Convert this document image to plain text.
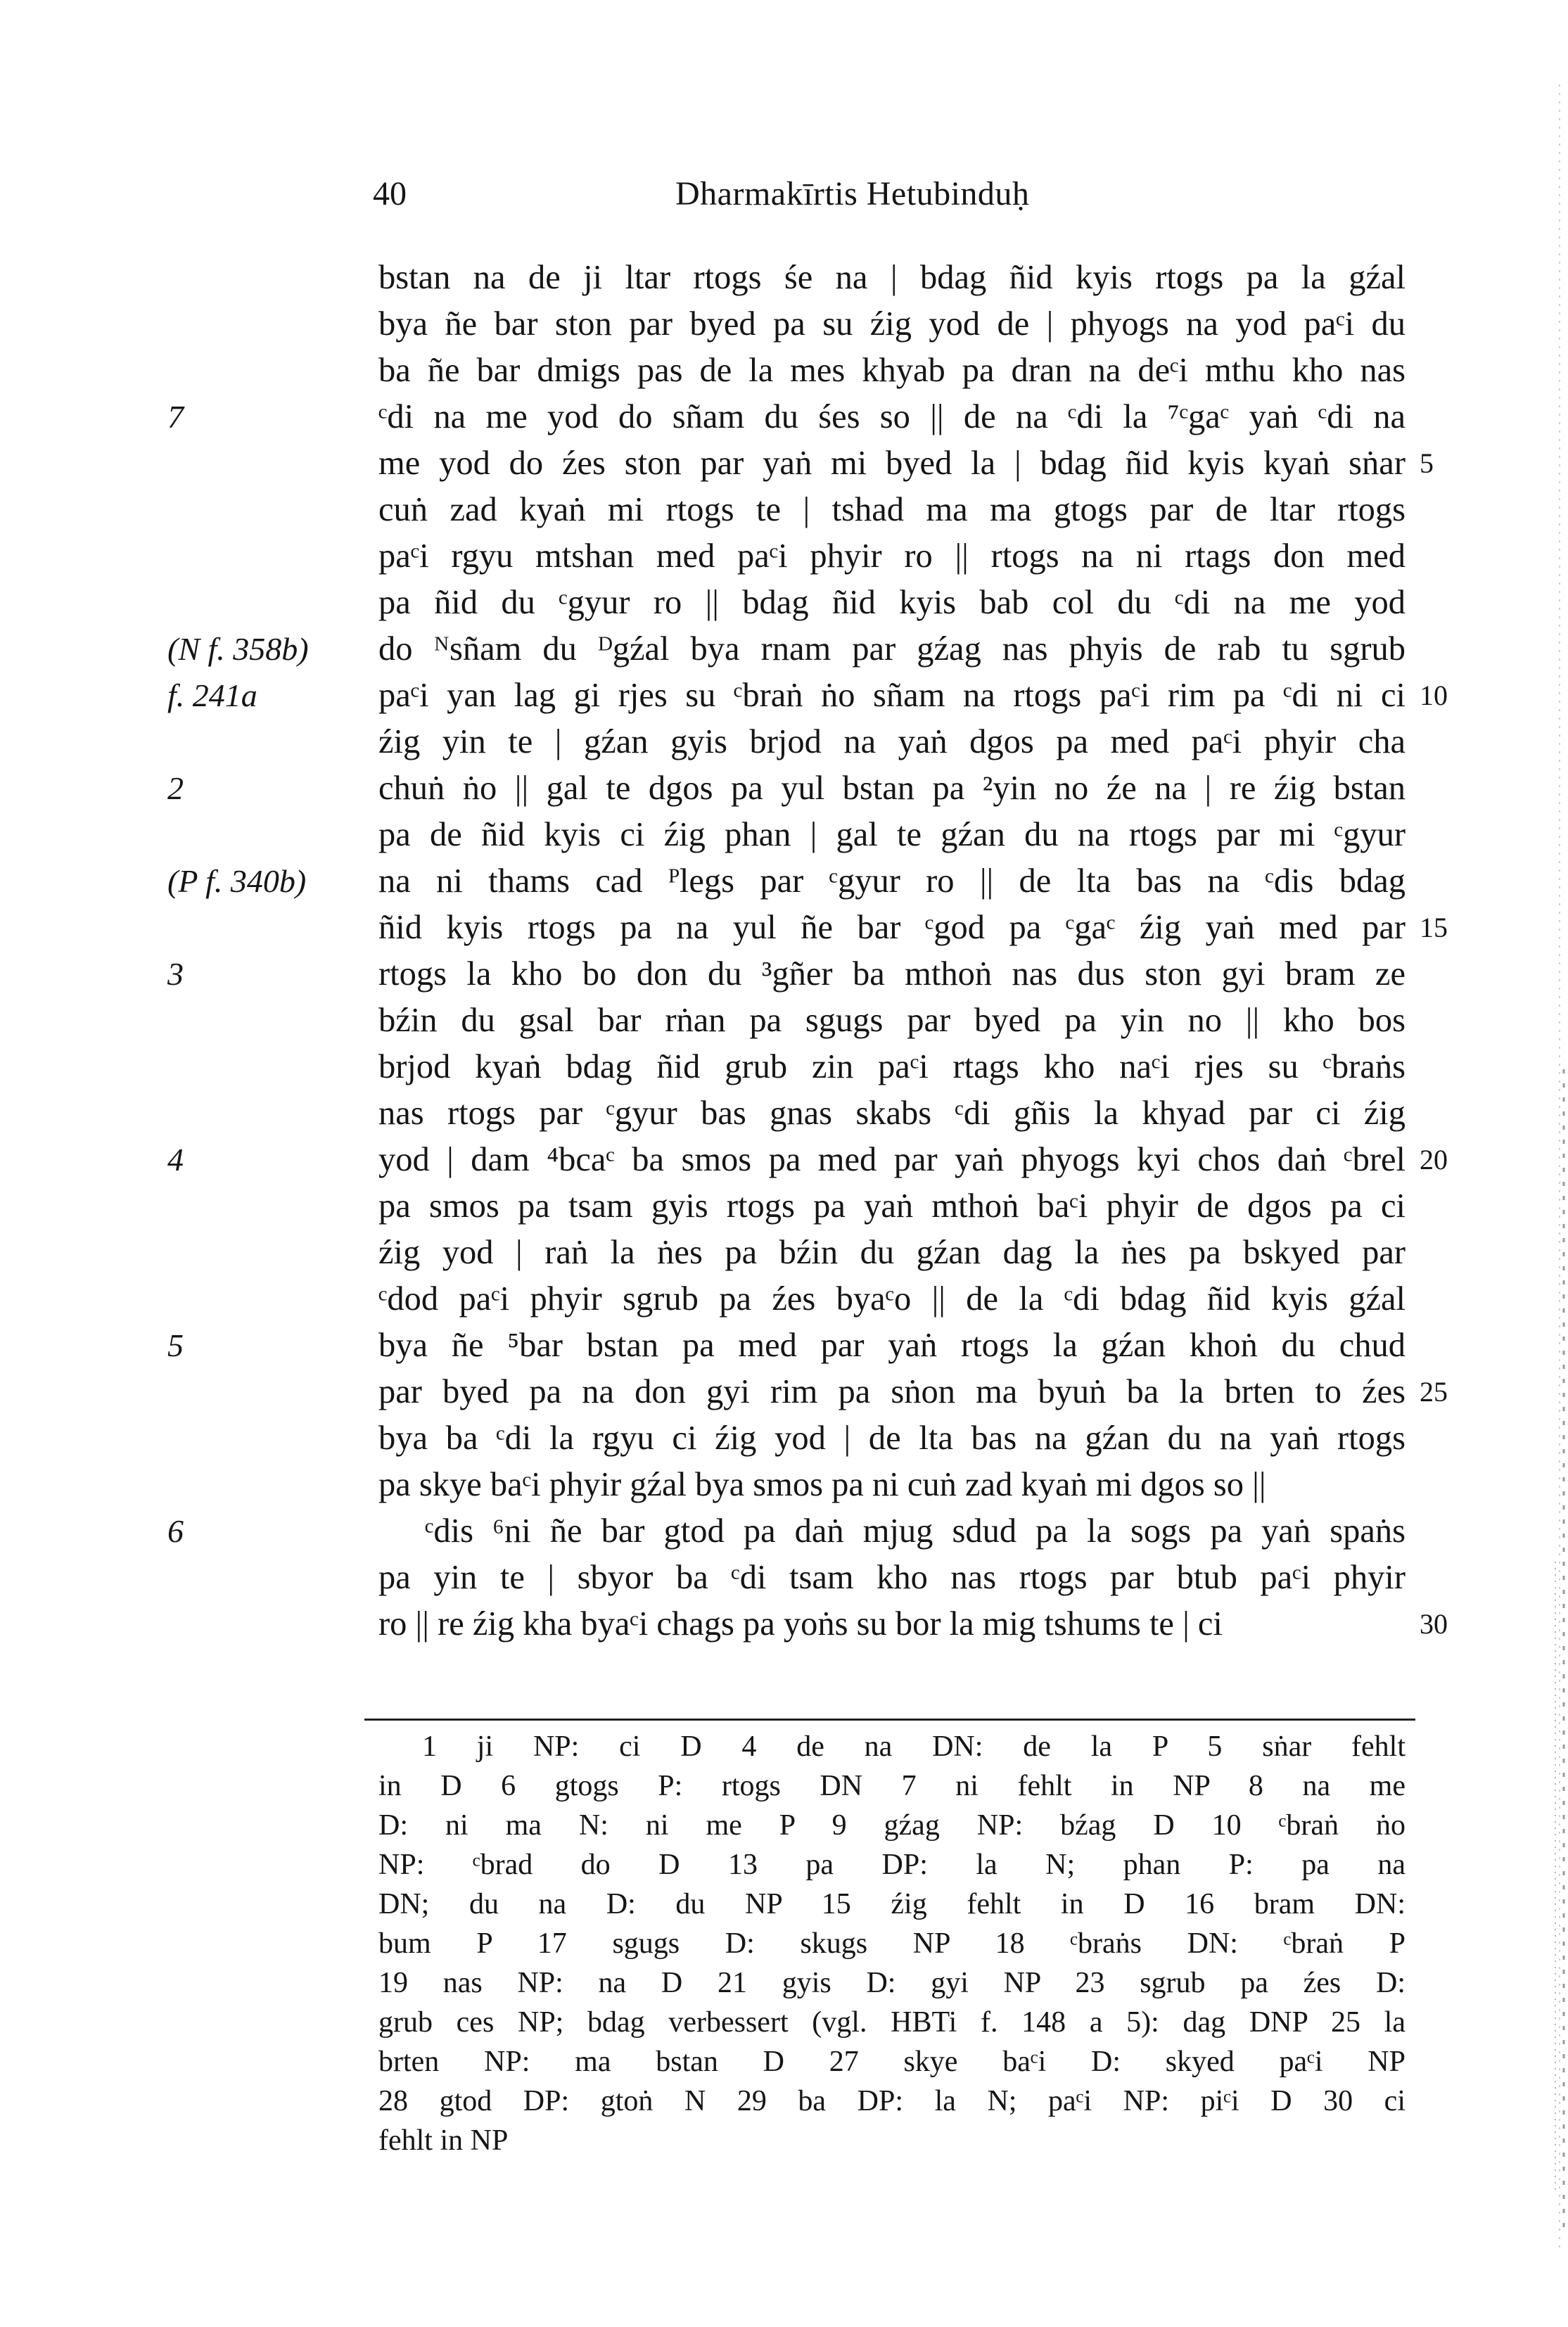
40	Dharmakīrtis Hetubinduḥ
bstan na de ji ltar rtogs śe na | bdag ñid kyis rtogs pa la gźal
bya ñe bar ston par byed pa su źig yod de | phyogs na yod paᶜi du
ba ñe bar dmigs pas de la mes khyab pa dran na deᶜi mthu kho nas
ᶜdi na me yod do sñam du śes so || de na ᶜdi la ⁷ᶜgaᶜ yaṅ ᶜdi na
me yod do źes ston par yaṅ mi byed la | bdag ñid kyis kyaṅ sṅar
cuṅ zad kyaṅ mi rtogs te | tshad ma ma gtogs par de ltar rtogs
paᶜi rgyu mtshan med paᶜi phyir ro || rtogs na ni rtags don med
pa ñid du ᶜgyur ro || bdag ñid kyis bab col du ᶜdi na me yod
do ᴺsñam du ᴰgźal bya rnam par gźag nas phyis de rab tu sgrub
paᶜi yan lag gi rjes su ᶜbraṅ ṅo sñam na rtogs paᶜi rim pa ᶜdi ni ci
źig yin te | gźan gyis brjod na yaṅ dgos pa med paᶜi phyir cha
chuṅ ṅo || gal te dgos pa yul bstan pa ²yin no źe na | re źig bstan
pa de ñid kyis ci źig phan | gal te gźan du na rtogs par mi ᶜgyur
na ni thams cad ᴾlegs par ᶜgyur ro || de lta bas na ᶜdis bdag
ñid kyis rtogs pa na yul ñe bar ᶜgod pa ᶜgaᶜ źig yaṅ med par
rtogs la kho bo don du ³gñer ba mthoṅ nas dus ston gyi bram ze
bźin du gsal bar rṅan pa sgugs par byed pa yin no || kho bos
brjod kyaṅ bdag ñid grub zin paᶜi rtags kho naᶜi rjes su ᶜbraṅs
nas rtogs par ᶜgyur bas gnas skabs ᶜdi gñis la khyad par ci źig
yod | dam ⁴bcaᶜ ba smos pa med par yaṅ phyogs kyi chos daṅ ᶜbrel
pa smos pa tsam gyis rtogs pa yaṅ mthoṅ baᶜi phyir de dgos pa ci
źig yod | raṅ la ṅes pa bźin du gźan dag la ṅes pa bskyed par
ᶜdod paᶜi phyir sgrub pa źes byaᶜo || de la ᶜdi bdag ñid kyis gźal
bya ñe ⁵bar bstan pa med par yaṅ rtogs la gźan khoṅ du chud
par byed pa na don gyi rim pa sṅon ma byuṅ ba la brten to źes
bya ba ᶜdi la rgyu ci źig yod | de lta bas na gźan du na yaṅ rtogs
pa skye baᶜi phyir gźal bya smos pa ni cuṅ zad kyaṅ mi dgos so ||
ᶜdis ⁶ni ñe bar gtod pa daṅ mjug sdud pa la sogs pa yaṅ spaṅs
pa yin te | sbyor ba ᶜdi tsam kho nas rtogs par btub paᶜi phyir
ro || re źig kha byaᶜi chags pa yoṅs su bor la mig tshums te | ci
7
(N f. 358b)
f. 241a
2
(P f. 340b)
3
4
5
6
5
10
15
20
25
30
1 ji NP: ci D 4 de na DN: de la P 5 sṅar fehlt
in D 6 gtogs P: rtogs DN 7 ni fehlt in NP 8 na me
D: ni ma N: ni me P 9 gźag NP: bźag D 10 ᶜbraṅ ṅo
NP: ᶜbrad do D 13 pa DP: la N; phan P: pa na
DN; du na D: du NP 15 źig fehlt in D 16 bram DN:
bum P 17 sgugs D: skugs NP 18 ᶜbraṅs DN: ᶜbraṅ P
19 nas NP: na D 21 gyis D: gyi NP 23 sgrub pa źes D:
grub ces NP; bdag verbessert (vgl. HBTi f. 148 a 5): dag DNP 25 la
brten NP: ma bstan D 27 skye baᶜi D: skyed paᶜi NP
28 gtod DP: gtoṅ N 29 ba DP: la N; paᶜi NP: piᶜi D 30 ci
fehlt in NP
